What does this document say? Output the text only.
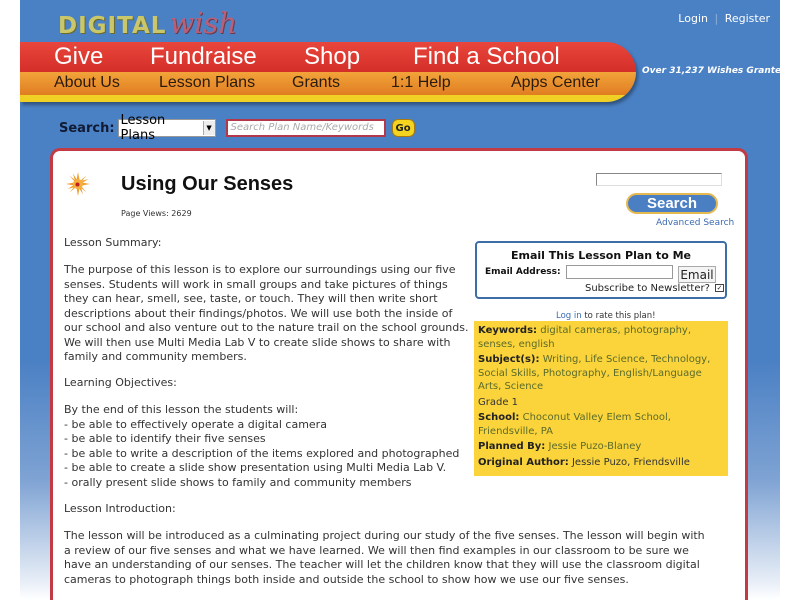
DIGITAL wish	Login | Register
Give Fundraise Shop Find a School
About Us Lesson Plans Grants	1:1 Help	Apps Center
Over 31,237 Wishes Granted!
Search: Lesson Plans	▼	Search Plan Name/Keywords	Go
Using Our Senses
Page Views: 2629
Lesson Summary:
The purpose of this lesson is to explore our surroundings using our five
senses. Students will work in small groups and take pictures of things
they can hear, smell, see, taste, or touch. They will then write short
descriptions about their findings/photos. We will use both the inside of
our school and also venture out to the nature trail on the school grounds.
We will then use Multi Media Lab V to create slide shows to share with
family and community members.
Learning Objectives:
By the end of this lesson the students will:
- be able to effectively operate a digital camera
- be able to identify their five senses
- be able to write a description of the items explored and photographed
- be able to create a slide show presentation using Multi Media Lab V.
- orally present slide shows to family and community members
Lesson Introduction:
The lesson will be introduced as a culminating project during our study of the five senses. The lesson will begin with
a review of our five senses and what we have learned. We will then find examples in our classroom to be sure we
have an understanding of our senses. The teacher will let the children know that they will use the classroom digital
cameras to photograph things both inside and outside the school to show how we use our five senses.
Search
Advanced Search
Email This Lesson Plan to Me
Email Address:	Email
Subscribe to Newsletter? ✓
Log in to rate this plan!
Keywords: digital cameras, photography, senses, english
Subject(s): Writing, Life Science, Technology, Social Skills, Photography, English/Language Arts, Science
Grade 1
School: Choconut Valley Elem School, Friendsville, PA
Planned By: Jessie Puzo-Blaney
Original Author: Jessie Puzo, Friendsville
